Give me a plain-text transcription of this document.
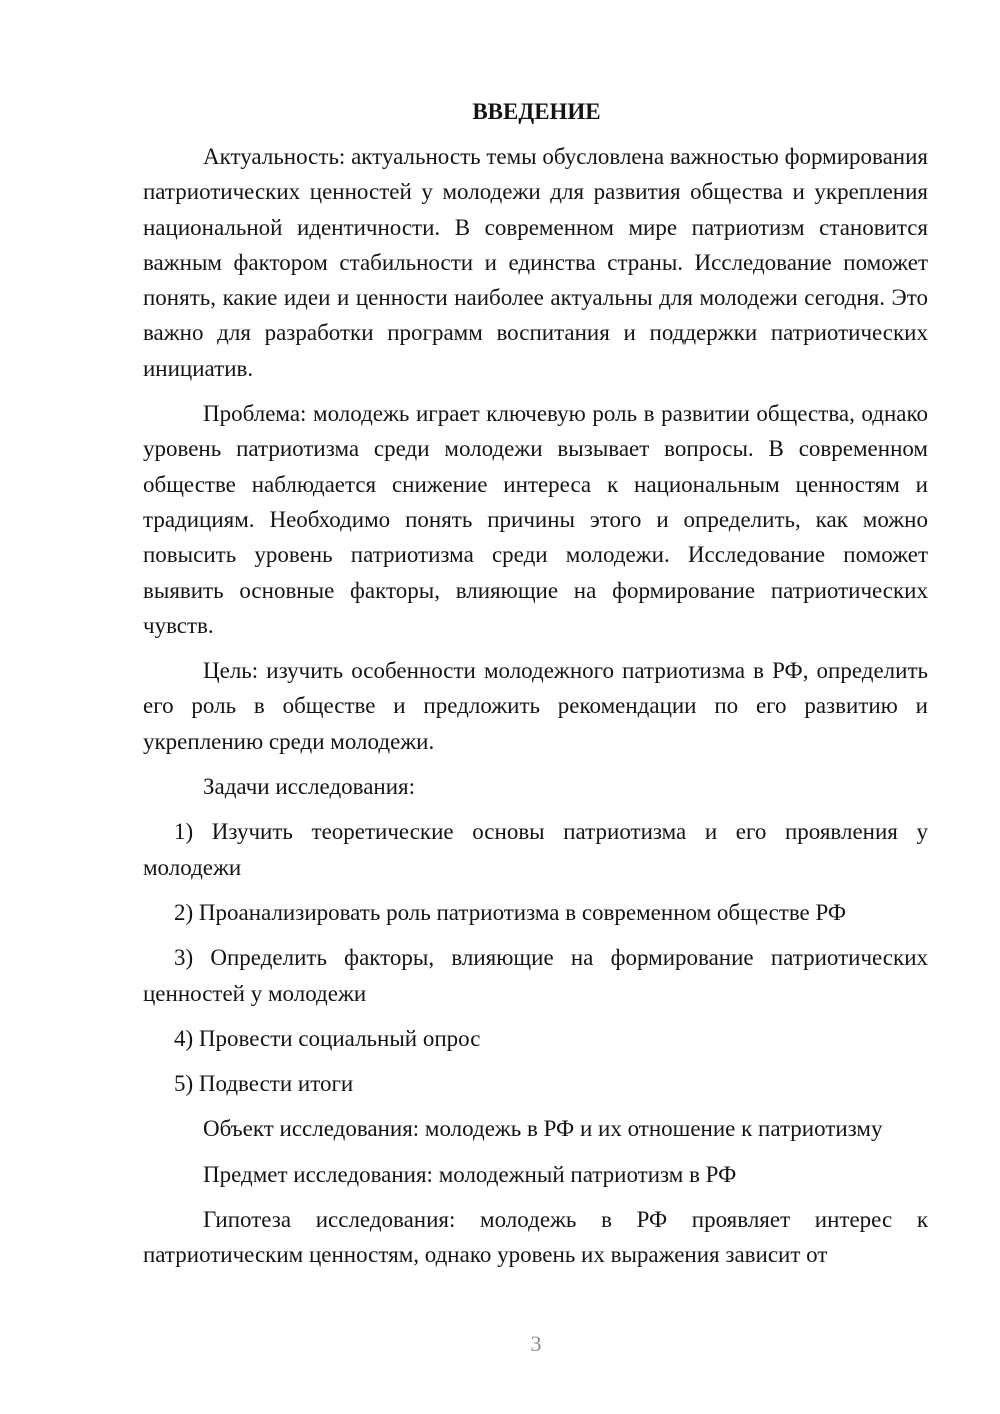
ВВЕДЕНИЕ

Актуальность: актуальность темы обусловлена важностью формирования патриотических ценностей у молодежи для развития общества и укрепления национальной идентичности. В современном мире патриотизм становится важным фактором стабильности и единства страны. Исследование поможет понять, какие идеи и ценности наиболее актуальны для молодежи сегодня. Это важно для разработки программ воспитания и поддержки патриотических инициатив.

Проблема: молодежь играет ключевую роль в развитии общества, однако уровень патриотизма среди молодежи вызывает вопросы. В современном обществе наблюдается снижение интереса к национальным ценностям и традициям. Необходимо понять причины этого и определить, как можно повысить уровень патриотизма среди молодежи. Исследование поможет выявить основные факторы, влияющие на формирование патриотических чувств.

Цель: изучить особенности молодежного патриотизма в РФ, определить его роль в обществе и предложить рекомендации по его развитию и укреплению среди молодежи.

Задачи исследования:

1) Изучить теоретические основы патриотизма и его проявления у молодежи

2) Проанализировать роль патриотизма в современном обществе РФ

3) Определить факторы, влияющие на формирование патриотических ценностей у молодежи

4) Провести социальный опрос

5) Подвести итоги

Объект исследования: молодежь в РФ и их отношение к патриотизму

Предмет исследования: молодежный патриотизм в РФ

Гипотеза исследования: молодежь в РФ проявляет интерес к патриотическим ценностям, однако уровень их выражения зависит от

3
